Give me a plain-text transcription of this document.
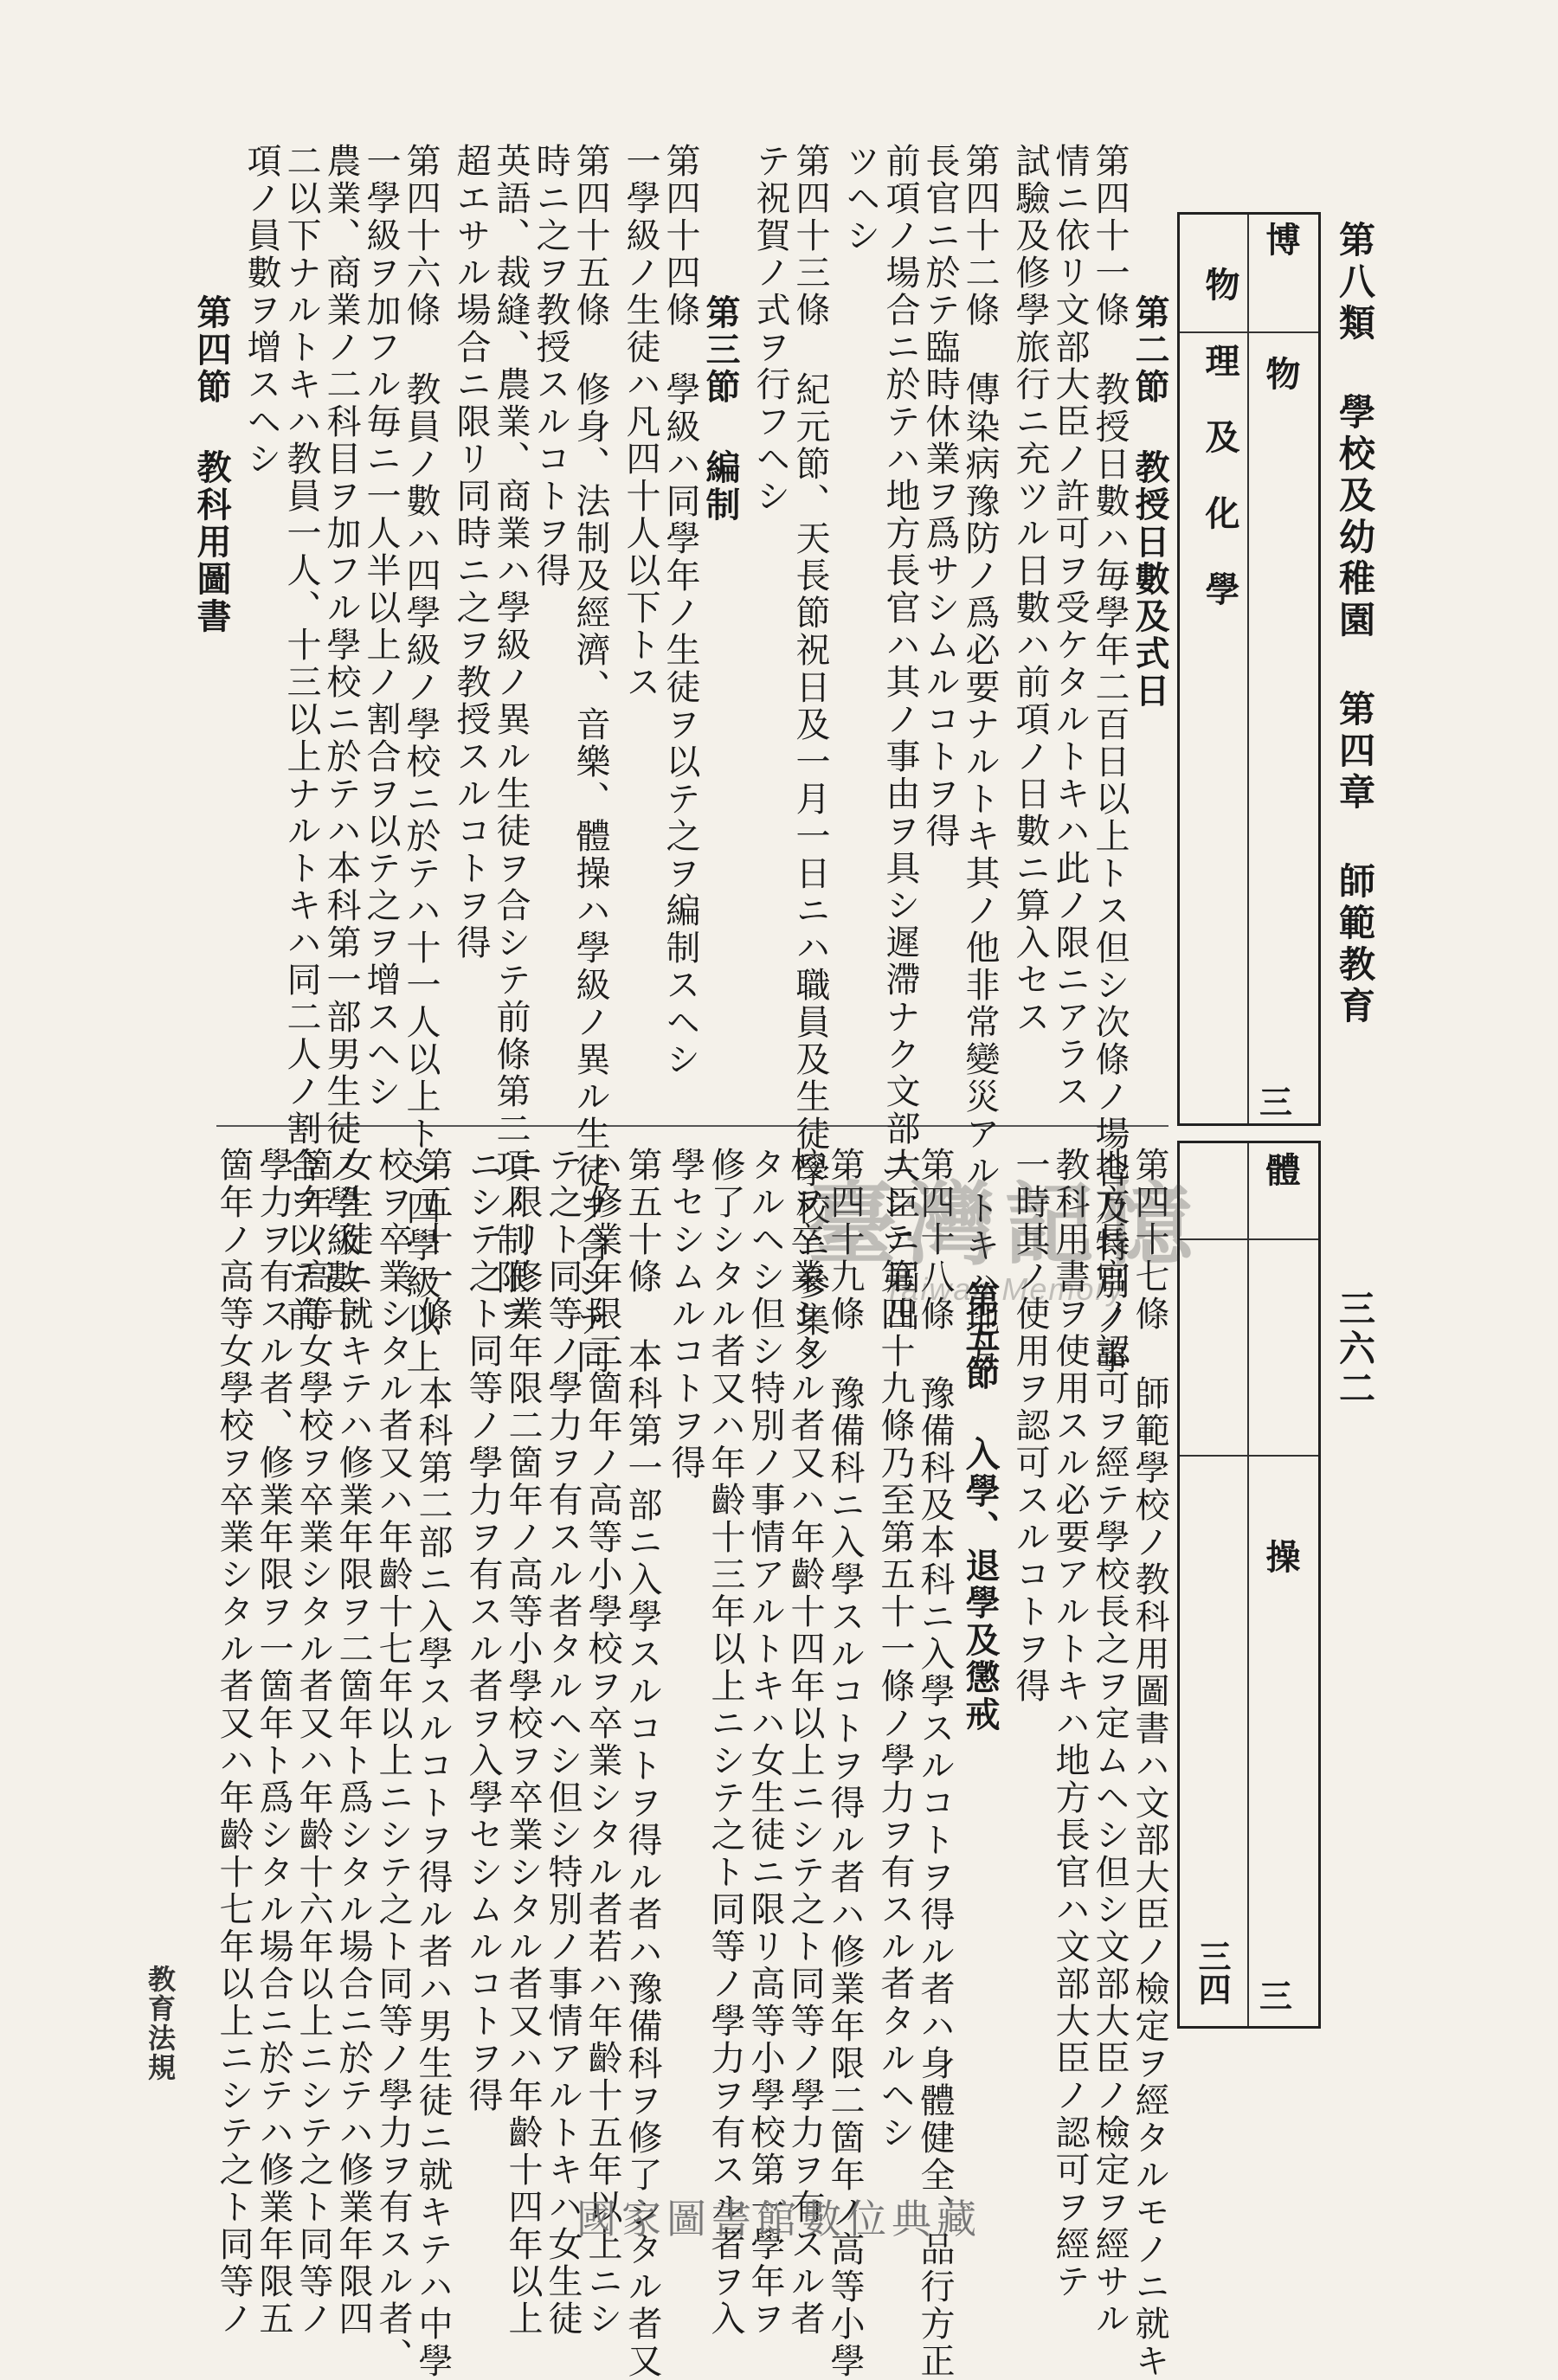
第八類 學校及幼稚園 第四章 師範教育
三六二
博 物
物理及化學
三
體 操
三
三四
第二節 教授日數及式日
第四十一條 教授日數ハ毎學年二百日以上トス但シ次條ノ場合及特別ノ事
情ニ依リ文部大臣ノ許可ヲ受ケタルトキハ此ノ限ニアラス
試驗及修學旅行ニ充ツル日數ハ前項ノ日數ニ算入セス
第四十二條 傳染病豫防ノ爲必要ナルトキ其ノ他非常變災アルトキハ地方
長官ニ於テ臨時休業ヲ爲サシムルコトヲ得
前項ノ場合ニ於テハ地方長官ハ其ノ事由ヲ具シ遲滯ナク文部大臣ニ屆出
ツヘシ
第四十三條 紀元節、天長節祝日及一月一日ニハ職員及生徒學校ニ參集シ
テ祝賀ノ式ヲ行フヘシ
第三節 編制
第四十四條 學級ハ同學年ノ生徒ヲ以テ之ヲ編制スヘシ
一學級ノ生徒ハ凡四十人以下トス
第四十五條 修身、法制及經濟、音樂、體操ハ學級ノ異ル生徒ヲ合シテ同
時ニ之ヲ教授スルコトヲ得
英語、裁縫、農業、商業ハ學級ノ異ル生徒ヲ合シテ前條第二項ノ制限ヲ
超エサル場合ニ限リ同時ニ之ヲ教授スルコトヲ得
第四十六條 教員ノ數ハ四學級ノ學校ニ於テハ十一人以上トシ四學級以上
一學級ヲ加フル毎ニ一人半以上ノ割合ヲ以テ之ヲ增スヘシ
農業、商業ノ二科目ヲ加フル學校ニ於テハ本科第一部男生徒ノ學級數十
二以下ナルトキハ教員一人、十三以上ナルトキハ同二人ノ割合ヲ以テ前
項ノ員數ヲ增スヘシ
第四節 教科用圖書
第四十七條 師範學校ノ教科用圖書ハ文部大臣ノ檢定ヲ經タルモノニ就キ
地方長官ノ認可ヲ經テ學校長之ヲ定ムヘシ但シ文部大臣ノ檢定ヲ經サル
教科用書ヲ使用スル必要アルトキハ地方長官ハ文部大臣ノ認可ヲ經テ
一時其ノ使用ヲ認可スルコトヲ得
第五節 入學、退學及懲戒
第四十八條 豫備科及本科ニ入學スルコトヲ得ル者ハ身體健全、品行方正
ニシテ第四十九條乃至第五十一條ノ學力ヲ有スル者タルヘシ
第四十九條 豫備科ニ入學スルコトヲ得ル者ハ修業年限二箇年ノ高等小學
校ヲ卒業シタル者又ハ年齡十四年以上ニシテ之ト同等ノ學力ヲ有スル者
タルヘシ但シ特別ノ事情アルトキハ女生徒ニ限リ高等小學校第一學年ヲ
修了シタル者又ハ年齡十三年以上ニシテ之ト同等ノ學力ヲ有スル者ヲ入
學セシムルコトヲ得
第五十條 本科第一部ニ入學スルコトヲ得ル者ハ豫備科ヲ修了シタル者又
ハ修業年限三箇年ノ高等小學校ヲ卒業シタル者若ハ年齡十五年以上ニシ
テ之ト同等ノ學力ヲ有スル者タルヘシ但シ特別ノ事情アルトキハ女生徒
ニ限リ修業年限二箇年ノ高等小學校ヲ卒業シタル者又ハ年齡十四年以上
ニシテ之ト同等ノ學力ヲ有スル者ヲ入學セシムルコトヲ得
第五十一條 本科第二部ニ入學スルコトヲ得ル者ハ男生徒ニ就キテハ中學
校ヲ卒業シタル者又ハ年齡十七年以上ニシテ之ト同等ノ學力ヲ有スル者、
女生徒ニ就キテハ修業年限ヲ二箇年ト爲シタル場合ニ於テハ修業年限四
箇年ノ高等女學校ヲ卒業シタル者又ハ年齡十六年以上ニシテ之ト同等ノ
學力ヲ有スル者、修業年限ヲ一箇年ト爲シタル場合ニ於テハ修業年限五
箇年ノ高等女學校ヲ卒業シタル者又ハ年齡十七年以上ニシテ之ト同等ノ
教育法規
臺灣記憶
Taiwan Memory
國家圖書館數位典藏
